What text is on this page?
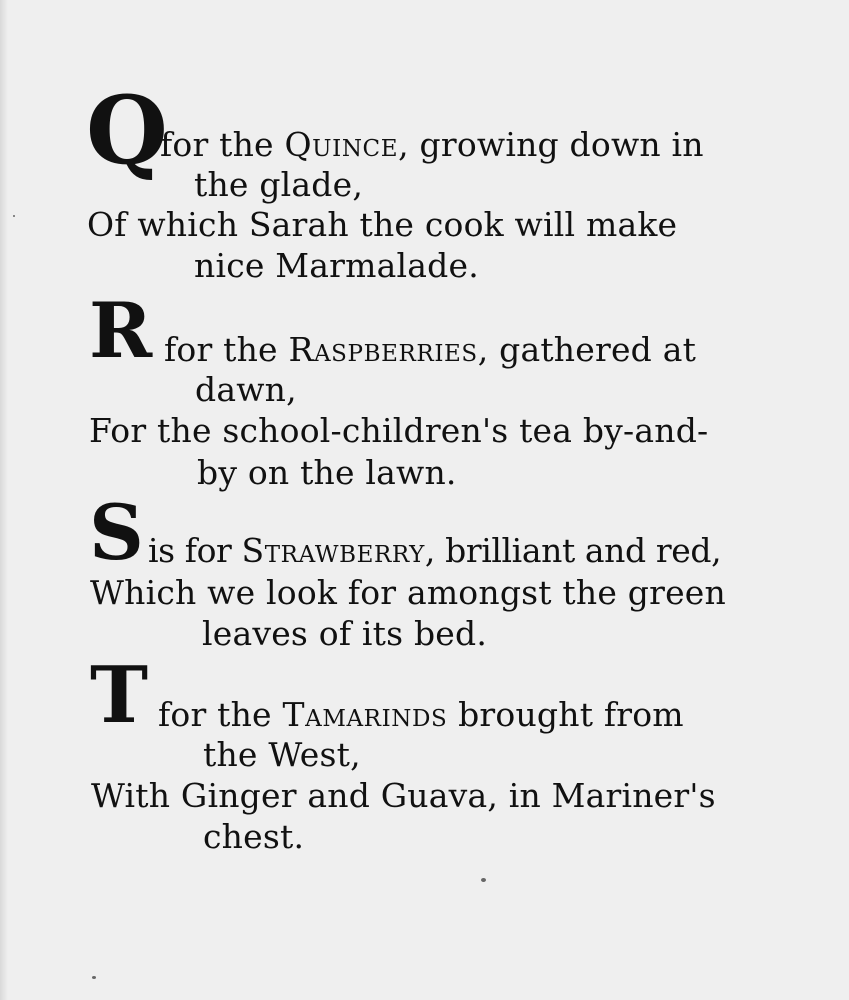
Q
for the Quince, growing down in
the glade,
Of which Sarah the cook will make
nice Marmalade.
R for the Raspberries, gathered at
dawn,
For the school-children's tea by-and-
by on the lawn.
S is for Strawberry, brilliant and red,
Which we look for amongst the green
leaves of its bed.
T for the Tamarinds brought from
the West,
With Ginger and Guava, in Mariner's
chest.
